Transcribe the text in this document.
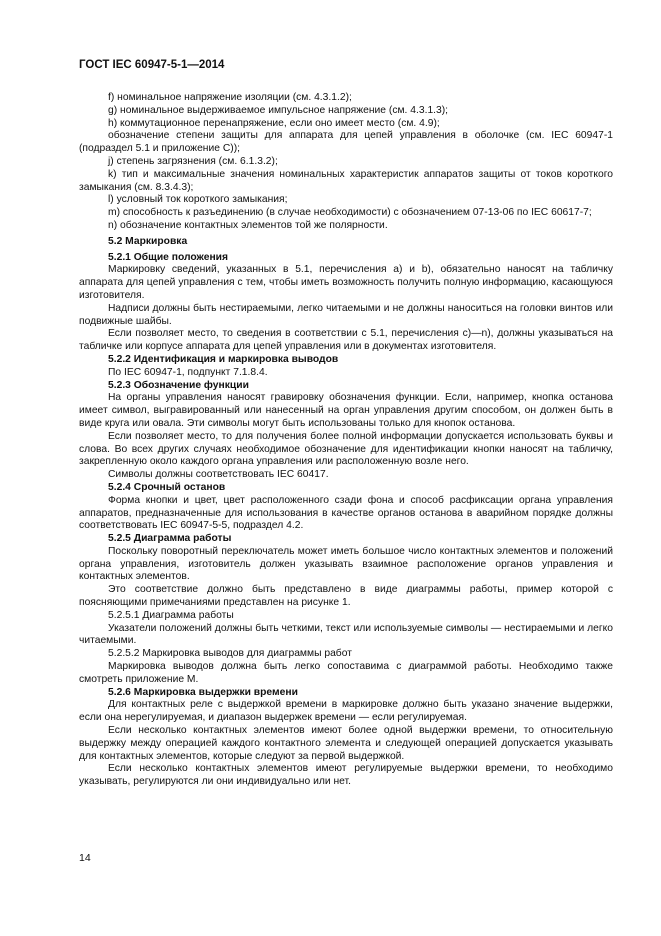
ГОСТ IEC 60947-5-1—2014

f) номинальное напряжение изоляции (см. 4.3.1.2);

g) номинальное выдерживаемое импульсное напряжение (см. 4.3.1.3);

h) коммутационное перенапряжение, если оно имеет место (см. 4.9);

обозначение степени защиты для аппарата для цепей управления в оболочке (см. IEC 60947-1 (подраздел 5.1 и приложение С));

j) степень загрязнения (см. 6.1.3.2);

k) тип и максимальные значения номинальных характеристик аппаратов защиты от токов короткого замыкания (см. 8.3.4.3);

l) условный ток короткого замыкания;

m) способность к разъединению (в случае необходимости) с обозначением 07-13-06 по IEC 60617-7;

n) обозначение контактных элементов той же полярности.

5.2 Маркировка

5.2.1 Общие положения

Маркировку сведений, указанных в 5.1, перечисления a) и b), обязательно наносят на табличку аппарата для цепей управления с тем, чтобы иметь возможность получить полную информацию, касающуюся изготовителя.

Надписи должны быть нестираемыми, легко читаемыми и не должны наноситься на головки винтов или подвижные шайбы.

Если позволяет место, то сведения в соответствии с 5.1, перечисления c)—n), должны указываться на табличке или корпусе аппарата для цепей управления или в документах изготовителя.

5.2.2 Идентификация и маркировка выводов

По IEC 60947-1, подпункт 7.1.8.4.

5.2.3 Обозначение функции

На органы управления наносят гравировку обозначения функции. Если, например, кнопка останова имеет символ, выгравированный или нанесенный на орган управления другим способом, он должен быть в виде круга или овала. Эти символы могут быть использованы только для кнопок останова.

Если позволяет место, то для получения более полной информации допускается использовать буквы и слова. Во всех других случаях необходимое обозначение для идентификации кнопки наносят на табличку, закрепленную около каждого органа управления или расположенную возле него.

Символы должны соответствовать IEC 60417.

5.2.4 Срочный останов

Форма кнопки и цвет, цвет расположенного сзади фона и способ расфиксации органа управления аппаратов, предназначенные для использования в качестве органов останова в аварийном порядке должны соответствовать IEC 60947-5-5, подраздел 4.2.

5.2.5 Диаграмма работы

Поскольку поворотный переключатель может иметь большое число контактных элементов и положений органа управления, изготовитель должен указывать взаимное расположение органов управления и контактных элементов.

Это соответствие должно быть представлено в виде диаграммы работы, пример которой с поясняющими примечаниями представлен на рисунке 1.

5.2.5.1 Диаграмма работы

Указатели положений должны быть четкими, текст или используемые символы — нестираемыми и легко читаемыми.

5.2.5.2 Маркировка выводов для диаграммы работ

Маркировка выводов должна быть легко сопоставима с диаграммой работы. Необходимо также смотреть приложение М.

5.2.6 Маркировка выдержки времени

Для контактных реле с выдержкой времени в маркировке должно быть указано значение выдержки, если она нерегулируемая, и диапазон выдержек времени — если регулируемая.

Если несколько контактных элементов имеют более одной выдержки времени, то относительную выдержку между операцией каждого контактного элемента и следующей операцией допускается указывать для контактных элементов, которые следуют за первой выдержкой.

Если несколько контактных элементов имеют регулируемые выдержки времени, то необходимо указывать, регулируются ли они индивидуально или нет.

14
